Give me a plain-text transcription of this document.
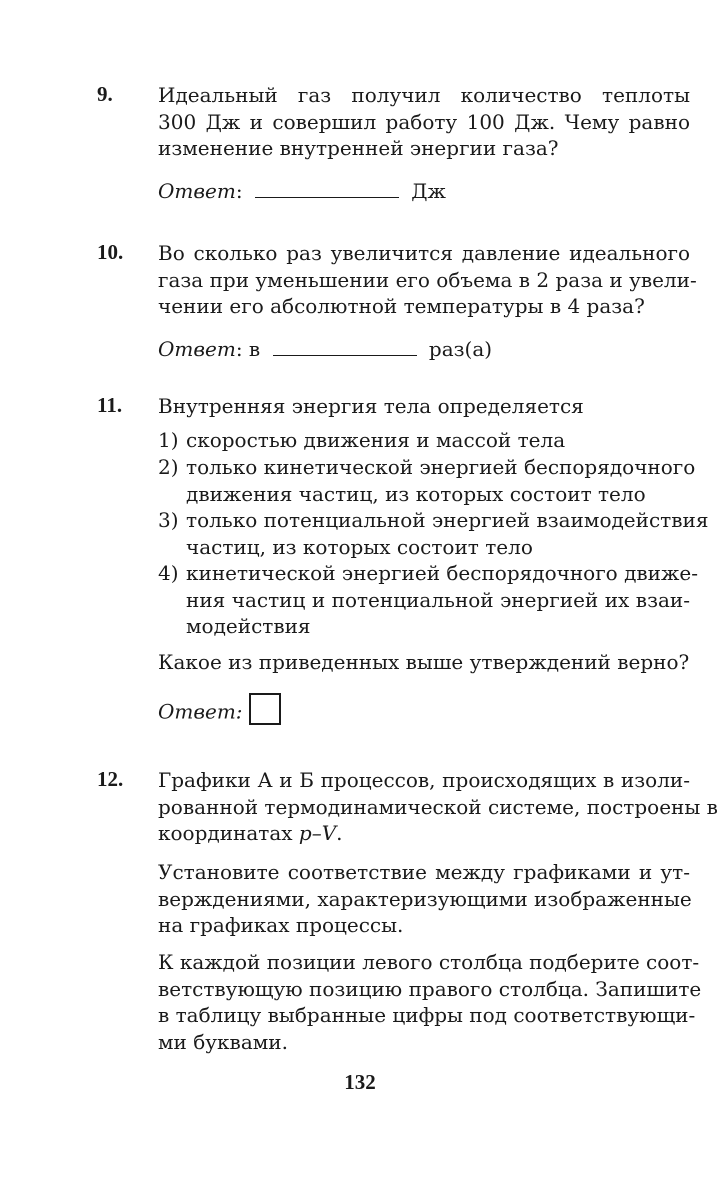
9. Идеальный газ получил количество теплоты
300 Дж и совершил работу 100 Дж. Чему равно
изменение внутренней энергии газа?
Ответ:	Дж
10. Во сколько раз увеличится давление идеального
газа при уменьшении его объема в 2 раза и увели-
чении его абсолютной температуры в 4 раза?
Ответ: в	раз(а)
11. Внутренняя энергия тела определяется
1) скоростью движения и массой тела
2) только кинетической энергией беспорядочного
движения частиц, из которых состоит тело
3) только потенциальной энергией взаимодействия
частиц, из которых состоит тело
4) кинетической энергией беспорядочного движе-
ния частиц и потенциальной энергией их взаи-
модействия
Какое из приведенных выше утверждений верно?
Ответ:
12. Графики А и Б процессов, происходящих в изоли-
рованной термодинамической системе, построены в
координатах p–V.
Установите соответствие между графиками и ут-
верждениями, характеризующими изображенные
на графиках процессы.
К каждой позиции левого столбца подберите соот-
ветствующую позицию правого столбца. Запишите
в таблицу выбранные цифры под соответствующи-
ми буквами.
132
